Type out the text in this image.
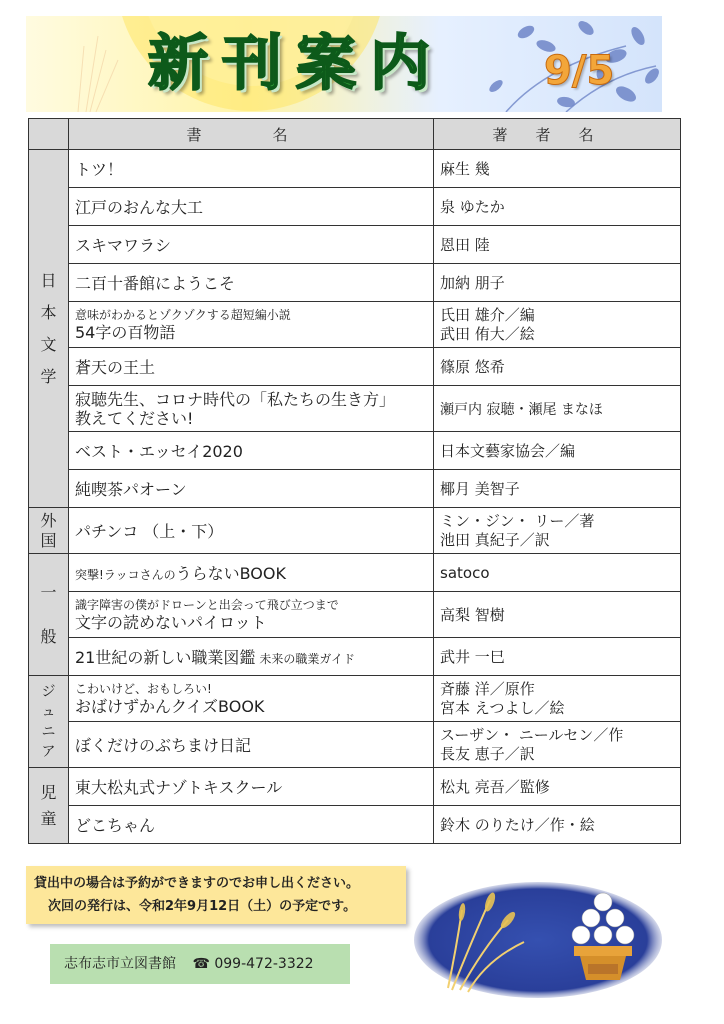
新刊案内	9/5
	書　名	著者名

日
本
文
学	トツ！	麻生 幾
	江戸のおんな大工	泉 ゆたか
	スキマワラシ	恩田 陸
	二百十番館にようこそ	加納 朋子

	意味がわかるとゾクゾクする超短編小説
54字の百物語	氏田 雄介／編
武田 侑大／絵

	蒼天の王土	篠原 悠希

	寂聴先生、コロナ時代の「私たちの生き方」
教えてください!	瀬戸内 寂聴・瀬尾 まなほ
	ベスト・エッセイ2020	日本文藝家協会／編
	純喫茶パオーン	椰月 美智子

外
国	パチンコ （上・下）	ミン・ジン・ リー／著
池田 真紀子／訳

一
般	突撃!ラッコさんのうらないBOOK	satoco

	識字障害の僕がドローンと出会って飛び立つまで
文字の読めないパイロット	高梨 智樹
	21世紀の新しい職業図鑑 未来の職業ガイド	武井 一巳

ジ
ュ
ニ
ア	こわいけど、おもしろい!
おばけずかんクイズBOOK	斉藤 洋／原作
宮本 えつよし／絵

	ぼくだけのぶちまけ日記	スーザン・ ニールセン／作
長友 恵子／訳

児
童	東大松丸式ナゾトキスクール	松丸 亮吾／監修
	どこちゃん	鈴木 のりたけ／作・絵
貸出中の場合は予約ができますのでお申し出ください。
次回の発行は、令和2年9月12日（土）の予定です。
志布志市立図書館 ☎ 099-472-3322
